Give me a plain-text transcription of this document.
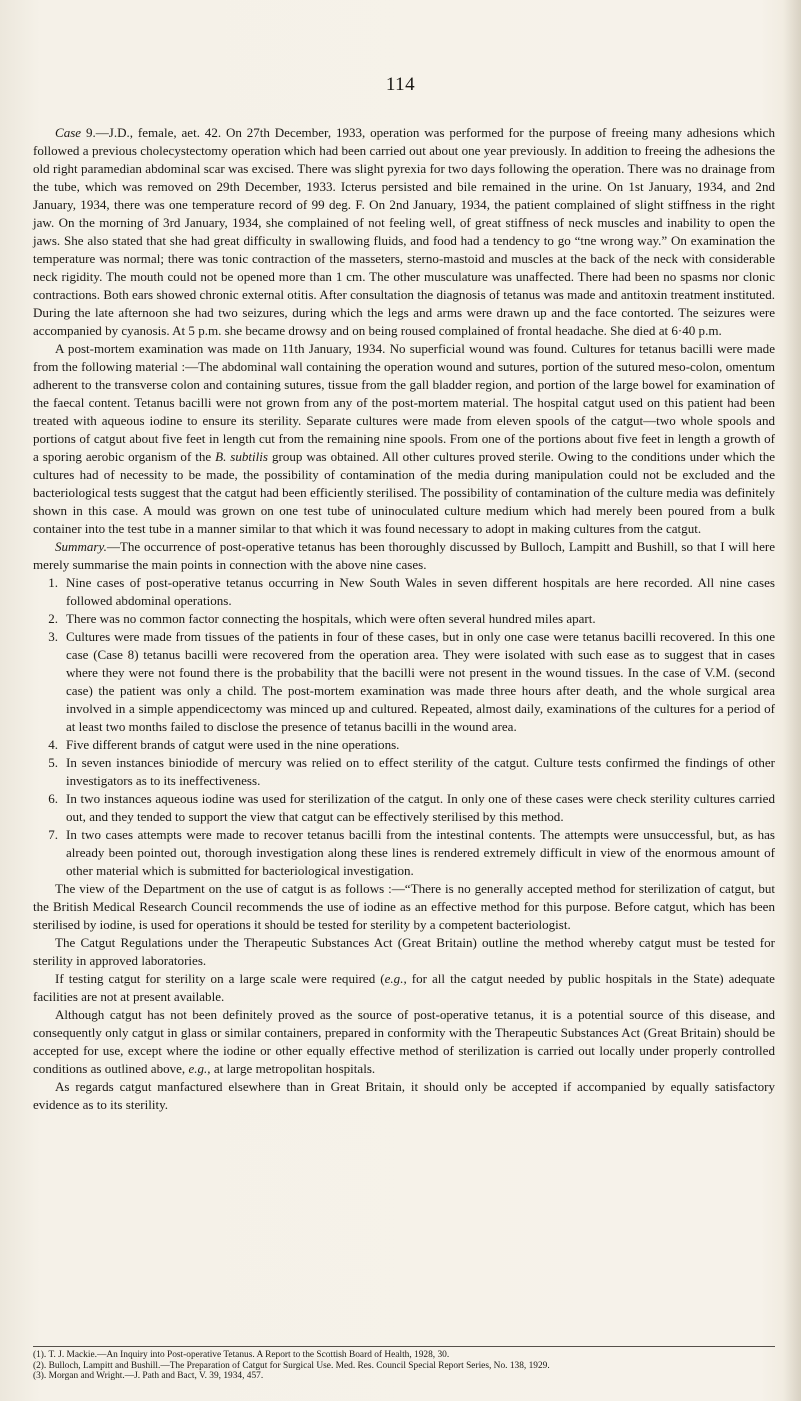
114

Case 9.—J.D., female, aet. 42. On 27th December, 1933, operation was performed for the purpose of freeing many adhesions which followed a previous cholecystectomy operation which had been carried out about one year previously. In addition to freeing the adhesions the old right paramedian abdominal scar was excised. There was slight pyrexia for two days following the operation. There was no drainage from the tube, which was removed on 29th December, 1933. Icterus persisted and bile remained in the urine. On 1st January, 1934, and 2nd January, 1934, there was one temperature record of 99 deg. F. On 2nd January, 1934, the patient complained of slight stiffness in the right jaw. On the morning of 3rd January, 1934, she complained of not feeling well, of great stiffness of neck muscles and inability to open the jaws. She also stated that she had great difficulty in swallowing fluids, and food had a tendency to go “tne wrong way.” On examination the temperature was normal; there was tonic contraction of the masseters, sterno-mastoid and muscles at the back of the neck with considerable neck rigidity. The mouth could not be opened more than 1 cm. The other musculature was unaffected. There had been no spasms nor clonic contractions. Both ears showed chronic external otitis. After consultation the diagnosis of tetanus was made and antitoxin treatment instituted. During the late afternoon she had two seizures, during which the legs and arms were drawn up and the face contorted. The seizures were accompanied by cyanosis. At 5 p.m. she became drowsy and on being roused complained of frontal headache. She died at 6·40 p.m.

A post-mortem examination was made on 11th January, 1934. No superficial wound was found. Cultures for tetanus bacilli were made from the following material :—The abdominal wall containing the operation wound and sutures, portion of the sutured meso-colon, omentum adherent to the transverse colon and containing sutures, tissue from the gall bladder region, and portion of the large bowel for examination of the faecal content. Tetanus bacilli were not grown from any of the post-mortem material. The hospital catgut used on this patient had been treated with aqueous iodine to ensure its sterility. Separate cultures were made from eleven spools of the catgut—two whole spools and portions of catgut about five feet in length cut from the remaining nine spools. From one of the portions about five feet in length a growth of a sporing aerobic organism of the B. subtilis group was obtained. All other cultures proved sterile. Owing to the conditions under which the cultures had of necessity to be made, the possibility of contamination of the media during manipulation could not be excluded and the bacteriological tests suggest that the catgut had been efficiently sterilised. The possibility of contamination of the culture media was definitely shown in this case. A mould was grown on one test tube of uninoculated culture medium which had merely been poured from a bulk container into the test tube in a manner similar to that which it was found necessary to adopt in making cultures from the catgut.

Summary.—The occurrence of post-operative tetanus has been thoroughly discussed by Bulloch, Lampitt and Bushill, so that I will here merely summarise the main points in connection with the above nine cases.

1. Nine cases of post-operative tetanus occurring in New South Wales in seven different hospitals are here recorded. All nine cases followed abdominal operations.
2. There was no common factor connecting the hospitals, which were often several hundred miles apart.
3. Cultures were made from tissues of the patients in four of these cases, but in only one case were tetanus bacilli recovered. In this one case (Case 8) tetanus bacilli were recovered from the operation area. They were isolated with such ease as to suggest that in cases where they were not found there is the probability that the bacilli were not present in the wound tissues. In the case of V.M. (second case) the patient was only a child. The post-mortem examination was made three hours after death, and the whole surgical area involved in a simple appendicectomy was minced up and cultured. Repeated, almost daily, examinations of the cultures for a period of at least two months failed to disclose the presence of tetanus bacilli in the wound area.
4. Five different brands of catgut were used in the nine operations.
5. In seven instances biniodide of mercury was relied on to effect sterility of the catgut. Culture tests confirmed the findings of other investigators as to its ineffectiveness.
6. In two instances aqueous iodine was used for sterilization of the catgut. In only one of these cases were check sterility cultures carried out, and they tended to support the view that catgut can be effectively sterilised by this method.
7. In two cases attempts were made to recover tetanus bacilli from the intestinal contents. The attempts were unsuccessful, but, as has already been pointed out, thorough investigation along these lines is rendered extremely difficult in view of the enormous amount of other material which is submitted for bacteriological investigation.

The view of the Department on the use of catgut is as follows :—“There is no generally accepted method for sterilization of catgut, but the British Medical Research Council recommends the use of iodine as an effective method for this purpose. Before catgut, which has been sterilised by iodine, is used for operations it should be tested for sterility by a competent bacteriologist.

The Catgut Regulations under the Therapeutic Substances Act (Great Britain) outline the method whereby catgut must be tested for sterility in approved laboratories.

If testing catgut for sterility on a large scale were required (e.g., for all the catgut needed by public hospitals in the State) adequate facilities are not at present available.

Although catgut has not been definitely proved as the source of post-operative tetanus, it is a potential source of this disease, and consequently only catgut in glass or similar containers, prepared in conformity with the Therapeutic Substances Act (Great Britain) should be accepted for use, except where the iodine or other equally effective method of sterilization is carried out locally under properly controlled conditions as outlined above, e.g., at large metropolitan hospitals.

As regards catgut manfactured elsewhere than in Great Britain, it should only be accepted if accompanied by equally satisfactory evidence as to its sterility.

(1). T. J. Mackie.—An Inquiry into Post-operative Tetanus. A Report to the Scottish Board of Health, 1928, 30.
(2). Bulloch, Lampitt and Bushill.—The Preparation of Catgut for Surgical Use. Med. Res. Council Special Report Series, No. 138, 1929.
(3). Morgan and Wright.—J. Path and Bact, V. 39, 1934, 457.
